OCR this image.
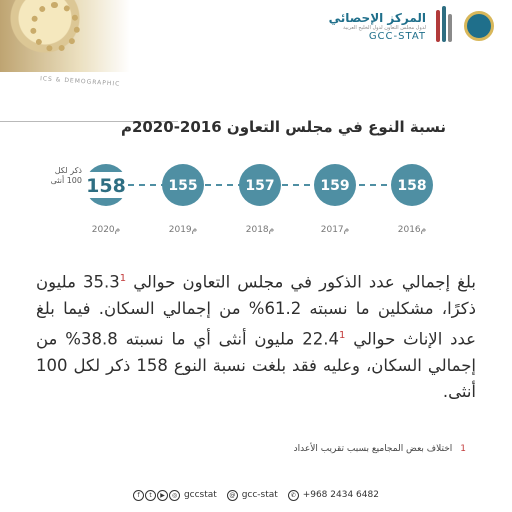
المركز الإحصائي
لدول مجلس التعاون لدول الخليج العربية
GCC-STAT
ICS & DEMOGRAPHIC
نسبة النوع في مجلس التعاون 2016-2020م
ذكر لكل 100 أنثى 158
2020م
155
2019م
157
2018م
159
2017م
158
2016م
بلغ إجمالي عدد الذكور في مجلس التعاون حوالي 35.3$^1$ مليون ذكرًا، مشكلين ما نسبته 61.2% من إجمالي السكان. فيما بلغ عدد الإناث حوالي 22.4$^1$ مليون أنثى أي ما نسبته 38.8% من إجمالي السكان، وعليه فقد بلغت نسبة النوع 158 ذكر لكل 100 أنثى.
1اختلاف بعض المجاميع بسبب تقريب الأعداد
f t ▶ ◎ gccstat	@ gcc-stat	✆ +968 2434 6482
